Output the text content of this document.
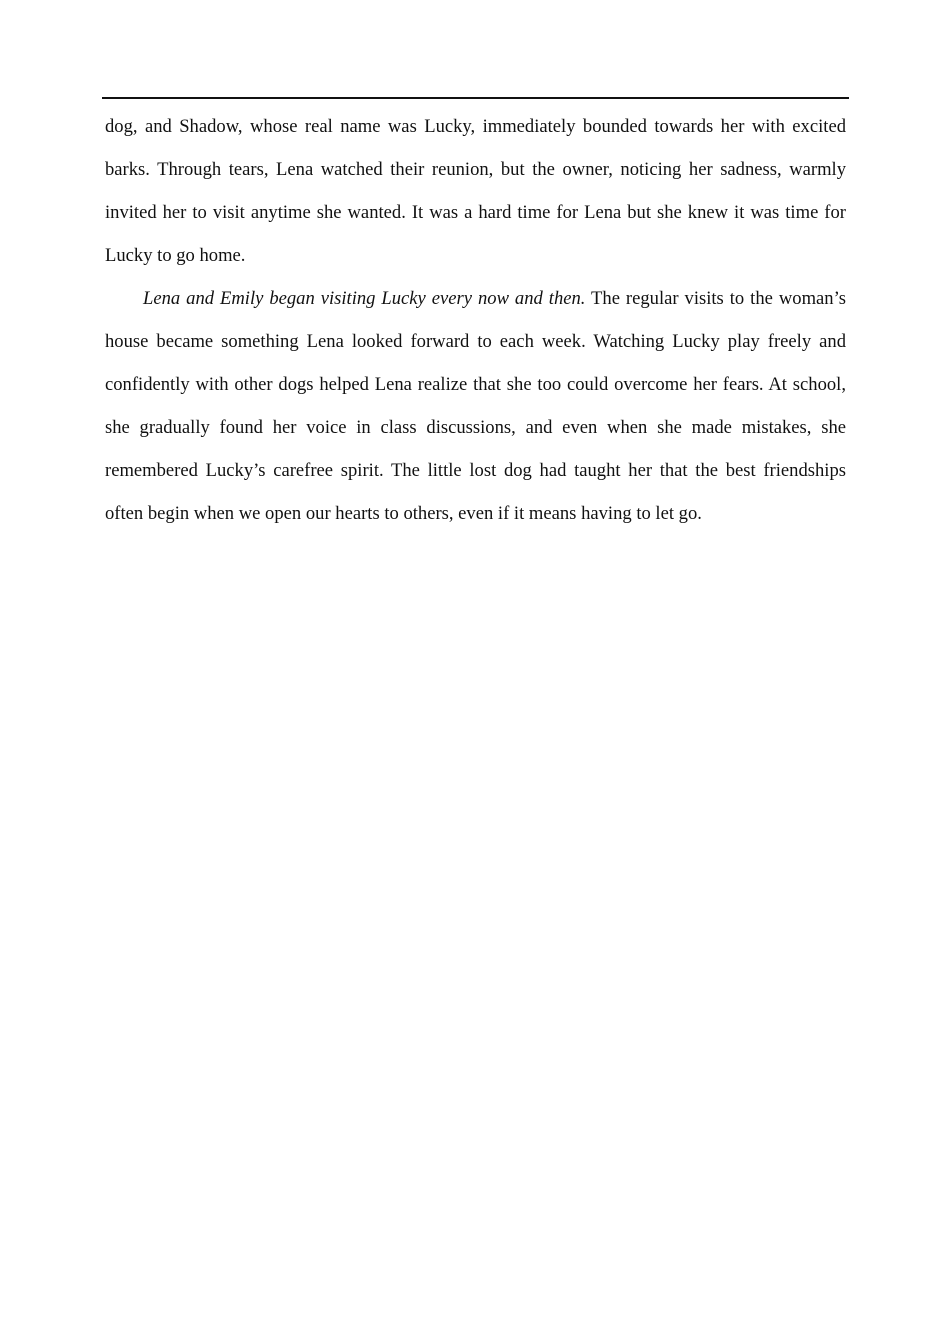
dog, and Shadow, whose real name was Lucky, immediately bounded towards her with excited barks. Through tears, Lena watched their reunion, but the owner, noticing her sadness, warmly invited her to visit anytime she wanted. It was a hard time for Lena but she knew it was time for Lucky to go home.

Lena and Emily began visiting Lucky every now and then. The regular visits to the woman’s house became something Lena looked forward to each week. Watching Lucky play freely and confidently with other dogs helped Lena realize that she too could overcome her fears. At school, she gradually found her voice in class discussions, and even when she made mistakes, she remembered Lucky’s carefree spirit. The little lost dog had taught her that the best friendships often begin when we open our hearts to others, even if it means having to let go.
